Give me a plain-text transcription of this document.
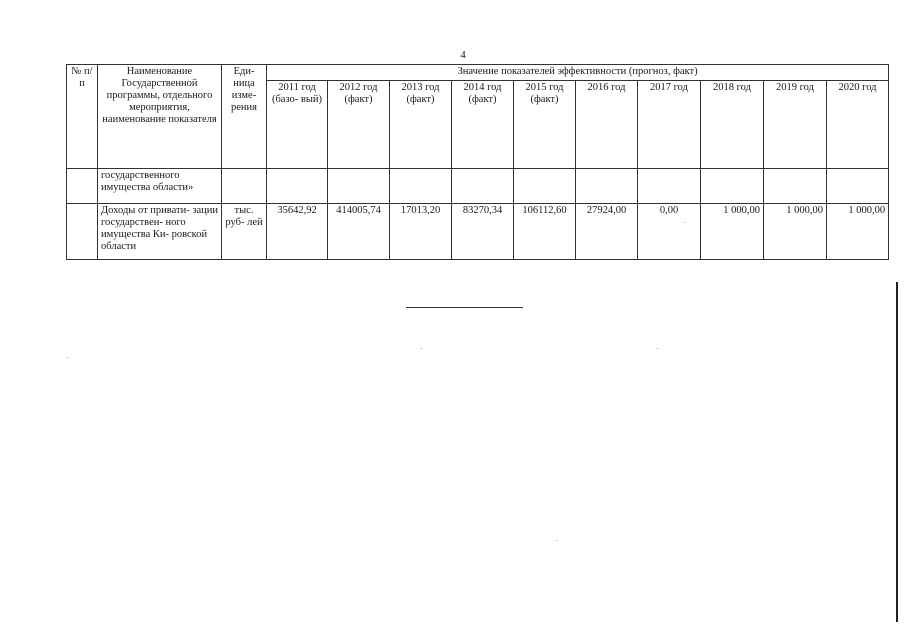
4
№ п/п	Наименование Государственной программы, отдельного мероприятия, наименование показателя	Еди- ница изме- рения	Значение показателей эффективности (прогноз, факт)									
			2011 год (базо- вый)	2012 год (факт)	2013 год (факт)	2014 год (факт)	2015 год (факт)	2016 год	2017 год	2018 год	2019 год	2020 год
	государственного имущества области»											
	Доходы от привати- зации государствен- ного имущества Ки- ровской области	тыс. руб- лей	35642,92	414005,74	17013,20	83270,34	106112,60	27924,00	0,00	1 000,00	1 000,00	1 000,00
